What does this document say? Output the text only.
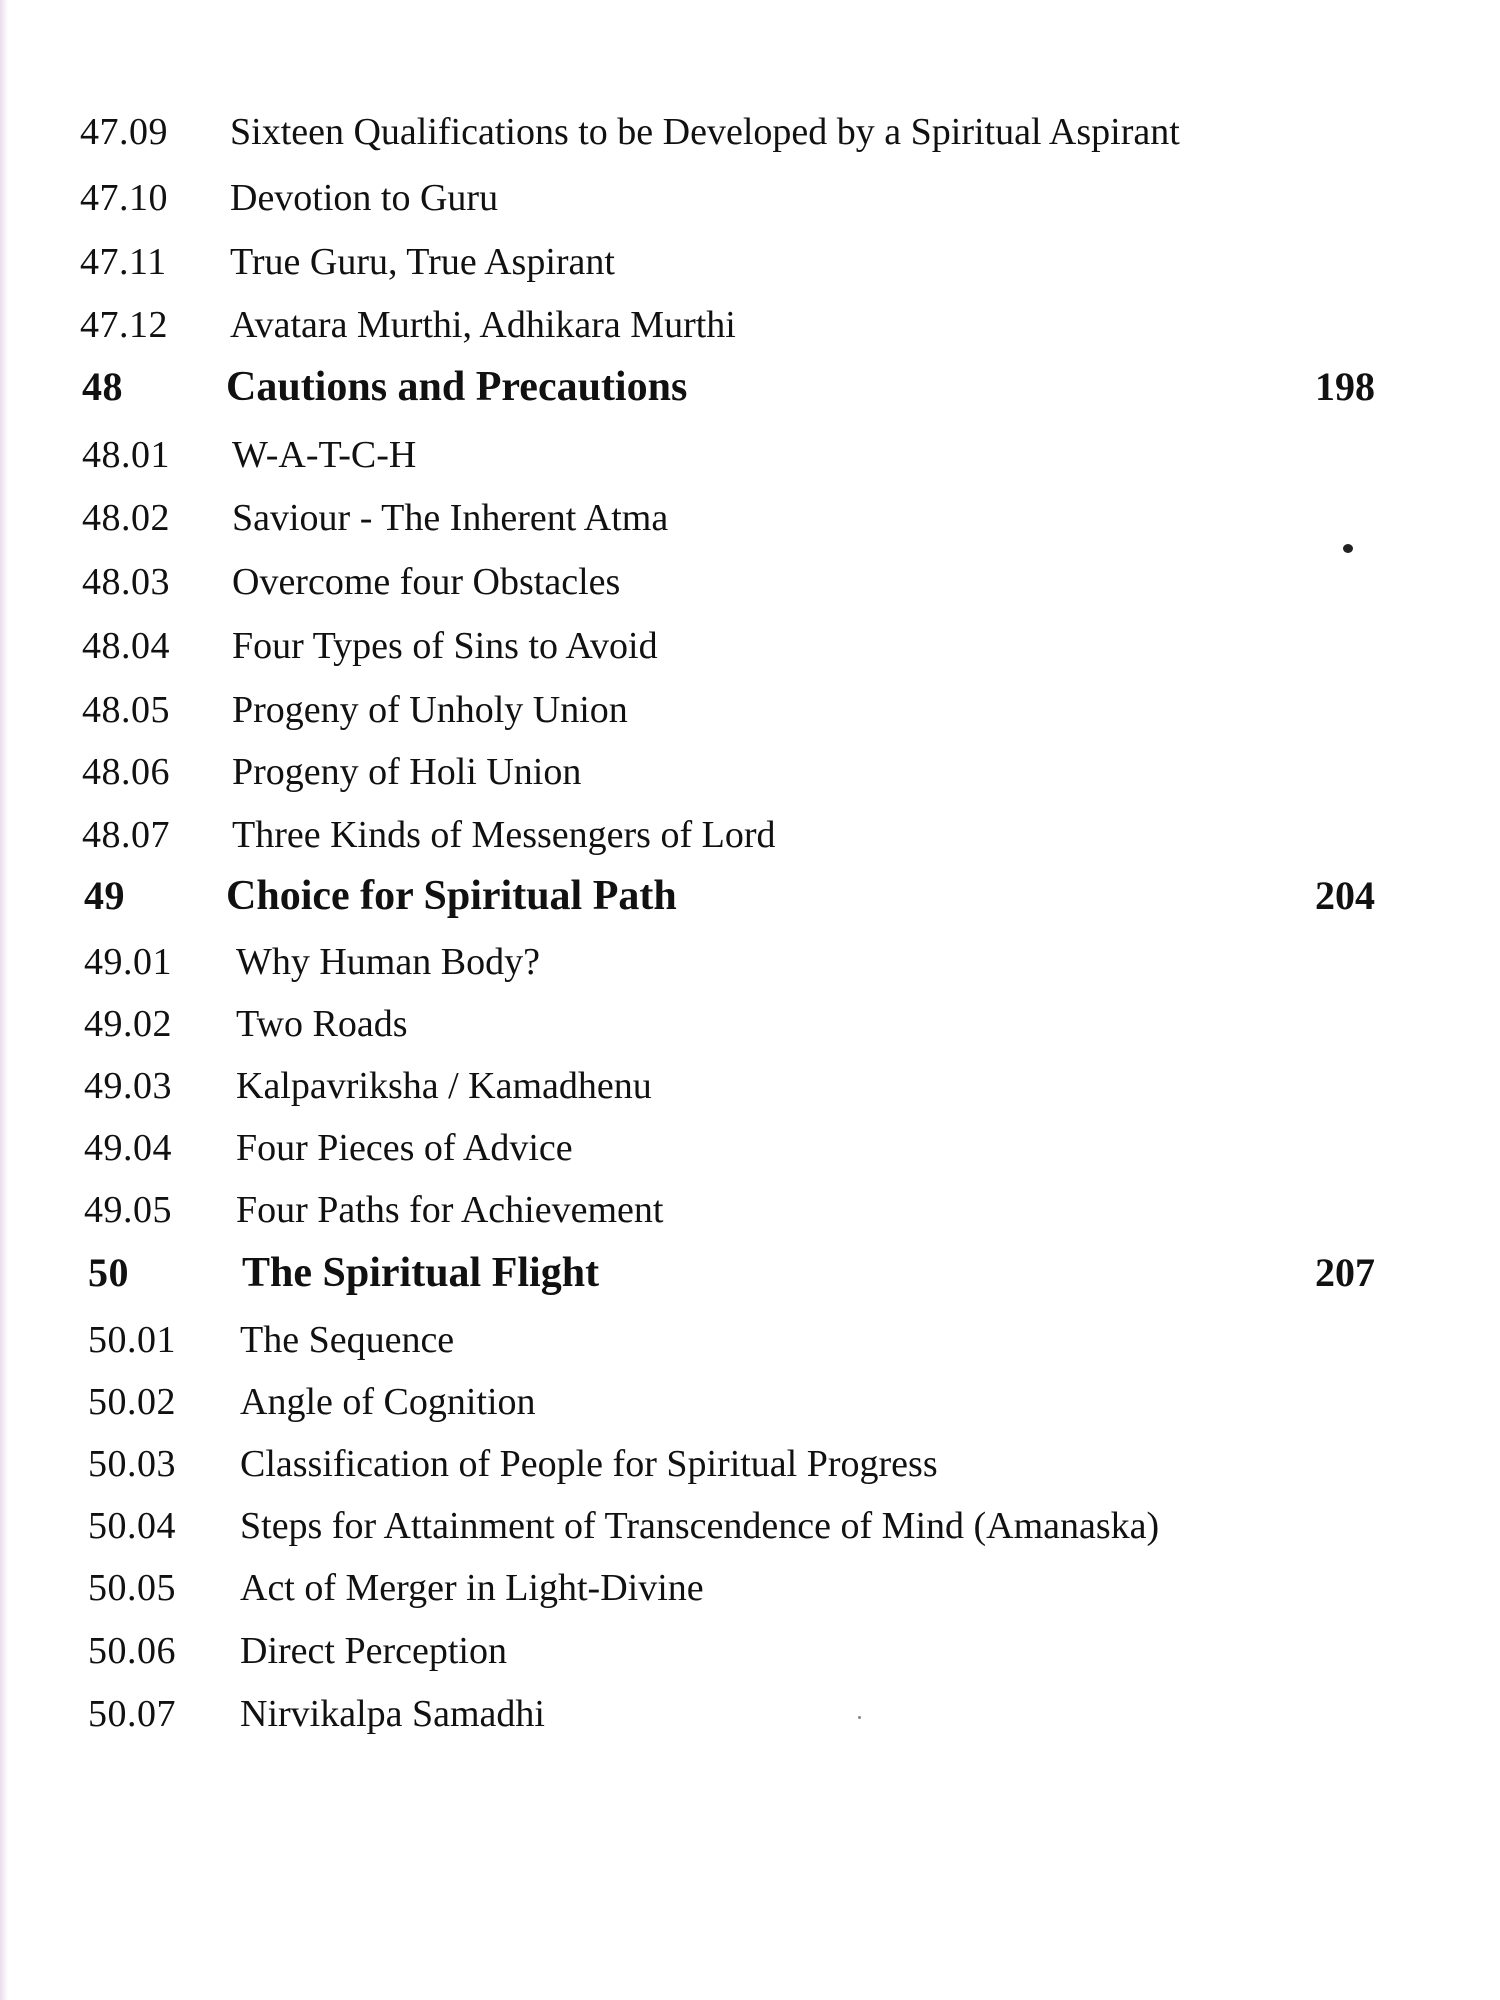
47.09 Sixteen Qualifications to be Developed by a Spiritual Aspirant
47.10 Devotion to Guru
47.11 True Guru, True Aspirant
47.12 Avatara Murthi, Adhikara Murthi
48 Cautions and Precautions	198
48.01 W-A-T-C-H
48.02 Saviour - The Inherent Atma
48.03 Overcome four Obstacles
48.04 Four Types of Sins to Avoid
48.05 Progeny of Unholy Union
48.06 Progeny of Holi Union
48.07 Three Kinds of Messengers of Lord
49 Choice for Spiritual Path	204
49.01 Why Human Body?
49.02 Two Roads
49.03 Kalpavriksha / Kamadhenu
49.04 Four Pieces of Advice
49.05 Four Paths for Achievement
50	The Spiritual Flight	207
50.01 The Sequence
50.02 Angle of Cognition
50.03 Classification of People for Spiritual Progress
50.04 Steps for Attainment of Transcendence of Mind (Amanaska)
50.05 Act of Merger in Light-Divine
50.06 Direct Perception
50.07 Nirvikalpa Samadhi
